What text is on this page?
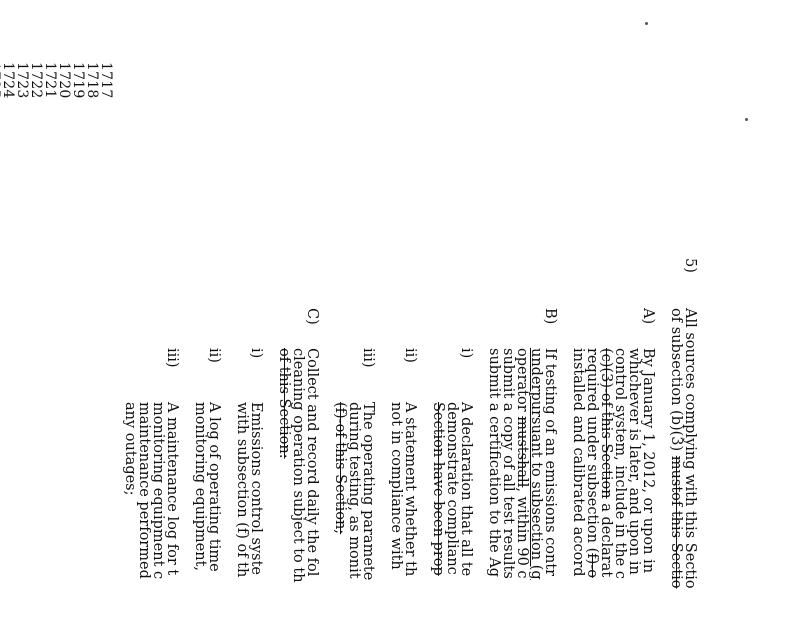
1717
1718
1719
1720
1721
1722
1723
1724
5)
All sources complying with this Sectio
of subsection (b)(3) mustof this Sectio
A)
By January 1, 2012, or upon in
whichever is later, and upon in
control system, include in the c
(c)(3)-of this Section a declarat
required under subsection (f)-o
installed and calibrated accord
B)
If testing of an emissions contr
underpursuant to subsection (g
operator mustshall, within 90 c
submit a copy of all test results
submit a certification to the Ag
i)
A declaration that all te
demonstrate complianc
Section have been prop
ii)
A statement whether th
not in compliance with
iii)
The operating paramete
during testing, as monit
(f)-of this Section;
C)
Collect and record daily the fol
cleaning operation subject to th
of this Section:
i)
Emissions control syste
with subsection (f) of th
ii)
A log of operating time
monitoring equipment,
iii)
A maintenance log for t
monitoring equipment c
maintenance performed
any outages;
